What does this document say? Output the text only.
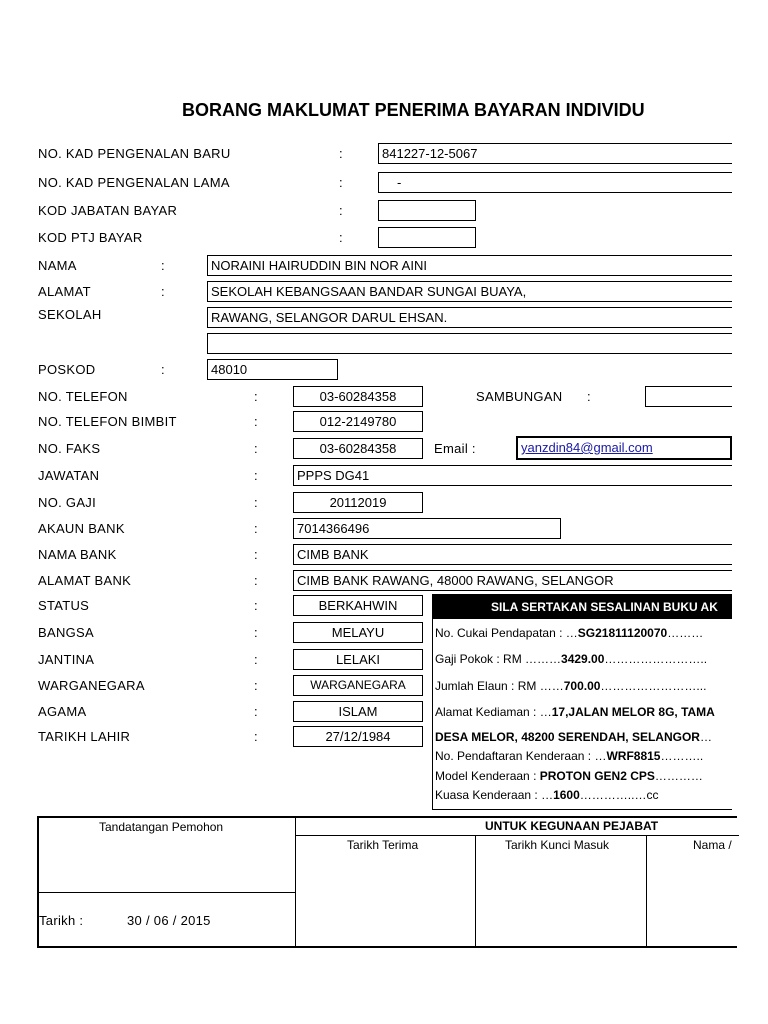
BORANG MAKLUMAT PENERIMA BAYARAN INDIVIDU
NO. KAD PENGENALAN BARU	:	841227-12-5067
NO. KAD PENGENALAN LAMA	:	-
KOD JABATAN BAYAR	:
KOD PTJ BAYAR	:
NAMA	:	NORAINI HAIRUDDIN BIN NOR AINI
ALAMAT	:
SEKOLAH
SEKOLAH KEBANGSAAN BANDAR SUNGAI BUAYA,
RAWANG, SELANGOR DARUL EHSAN.
POSKOD	:	48010
NO. TELEFON	:	03-60284358	SAMBUNGAN :
NO. TELEFON BIMBIT	:	012-2149780
NO. FAKS	:	03-60284358	Email :	yanzdin84@gmail.com
JAWATAN	:	PPPS DG41
NO. GAJI	:	20112019
AKAUN BANK	:	7014366496
NAMA BANK	:	CIMB BANK
ALAMAT BANK	:	CIMB BANK RAWANG, 48000 RAWANG, SELANGOR
STATUS	:	BERKAHWIN
BANGSA	:	MELAYU
JANTINA	:	LELAKI
WARGANEGARA	:	WARGANEGARA
AGAMA	:	ISLAM
TARIKH LAHIR	:	27/12/1984
SILA SERTAKAN SESALINAN BUKU AK
No. Cukai Pendapatan : …SG21811120070………
Gaji Pokok : RM ………3429.00……………………..
Jumlah Elaun : RM ……700.00……………………...
Alamat Kediaman : …17,JALAN MELOR 8G, TAMA
DESA MELOR, 48200 SERENDAH, SELANGOR…
No. Pendaftaran Kenderaan : …WRF8815………..
Model Kenderaan : PROTON GEN2 CPS…………
Kuasa Kenderaan : …1600…………..…cc
Tandatangan Pemohon	UNTUK KEGUNAAN PEJABAT
Tarikh Terima	Tarikh Kunci Masuk	Nama /
Tarikh :	30 / 06 / 2015
